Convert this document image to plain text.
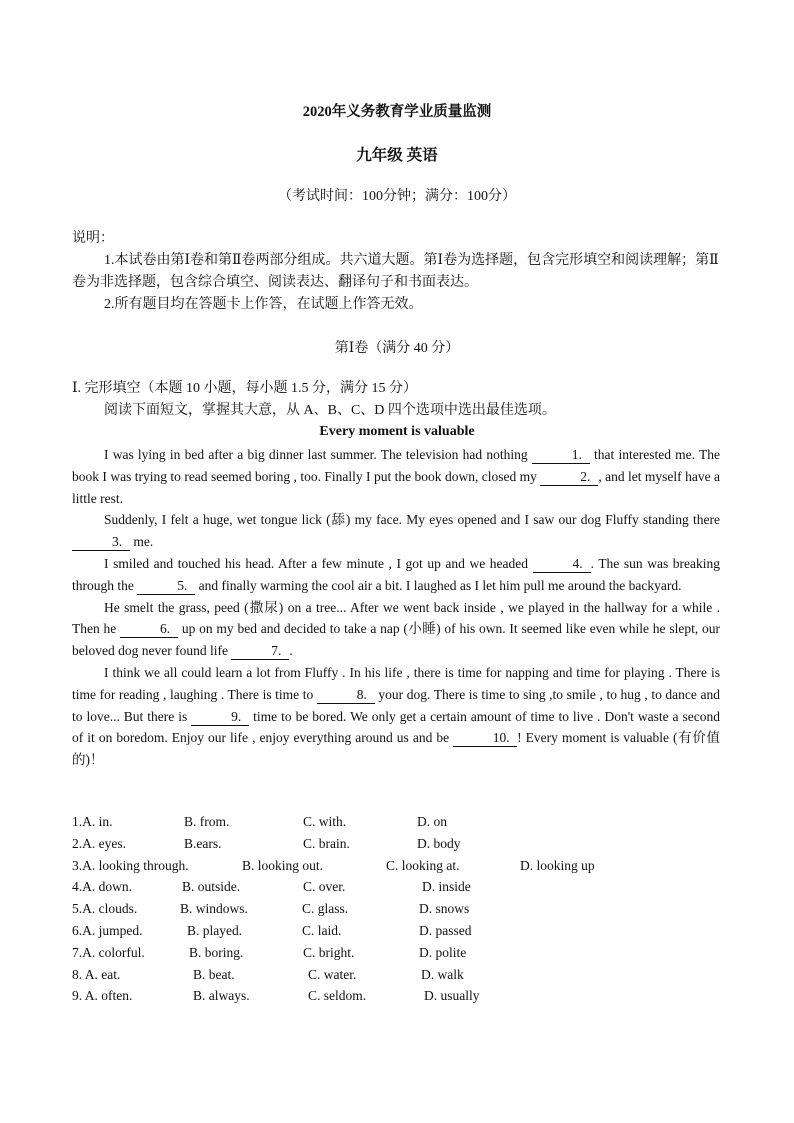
2020年义务教育学业质量监测
九年级 英语
（考试时间：100分钟；满分：100分）

说明：

1.本试卷由第Ⅰ卷和第Ⅱ卷两部分组成。共六道大题。第Ⅰ卷为选择题，包含完形填空和阅读理解；第Ⅱ卷为非选择题，包含综合填空、阅读表达、翻译句子和书面表达。

2.所有题目均在答题卡上作答，在试题上作答无效。

第Ⅰ卷（满分 40 分）

Ⅰ. 完形填空（本题 10 小题，每小题 1.5 分，满分 15 分）

阅读下面短文，掌握其大意，从 A、B、C、D 四个选项中选出最佳选项。

Every moment is valuable

I was lying in bed after a big dinner last summer. The television had nothing	1. that interested me. The book I was trying to read seemed boring , too. Finally I put the book down, closed my	2. , and let myself have a little rest.

Suddenly, I felt a huge, wet tongue lick (舔) my face. My eyes opened and I saw our dog Fluffy standing there 3. me.

I smiled and touched his head. After a few minute , I got up and we headed	4. . The sun was breaking through the	5. and finally warming the cool air a bit. I laughed as I let him pull me around the backyard.

He smelt the grass, peed (撒尿) on a tree... After we went back inside , we played in the hallway for a while . Then he	6. up on my bed and decided to take a nap (小睡) of his own. It seemed like even while he slept, our beloved dog never found life	7. .

I think we all could learn a lot from Fluffy . In his life , there is time for napping and time for playing . There is time for reading , laughing . There is time to	8. your dog. There is time to sing ,to smile , to hug , to dance and to love... But there is	9. time to be bored. We only get a certain amount of time to live . Don't waste a second of it on boredom. Enjoy our life , enjoy everything around us and be	10. ! Every moment is valuable (有价值的)！

1.A. in.	B. from.	C. with.	D. on
2.A. eyes.	B.ears.	C. brain.	D. body
3.A. looking through.	B. looking out.	C. looking at.	D. looking up
4.A. down.	B. outside.	C. over.	D. inside
5.A. clouds.	B. windows.	C. glass.	D. snows
6.A. jumped.	B. played.	C. laid.	D. passed
7.A. colorful.	B. boring.	C. bright.	D. polite
8. A. eat.	B. beat.	C. water.	D. walk
9. A. often.	B. always.	C. seldom.	D. usually
